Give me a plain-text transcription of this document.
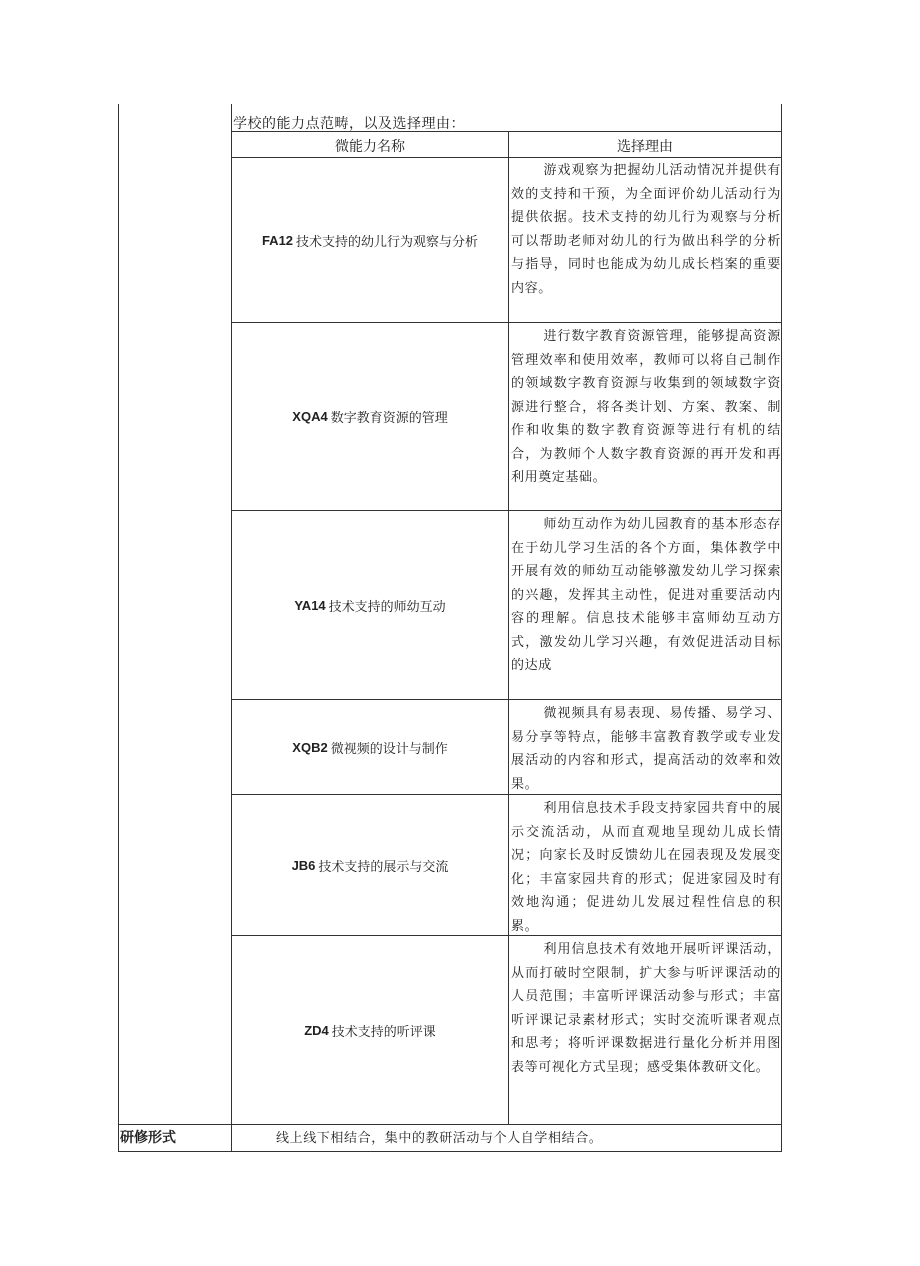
学校的能力点范畴，以及选择理由：
微能力名称	选择理由
FA12 技术支持的幼儿行为观察与分析

游戏观察为把握幼儿活动情况并提供有效的支持和干预，为全面评价幼儿活动行为提供依据。技术支持的幼儿行为观察与分析可以帮助老师对幼儿的行为做出科学的分析与指导，同时也能成为幼儿成长档案的重要内容。

XQA4 数字教育资源的管理

进行数字教育资源管理，能够提高资源管理效率和使用效率，教师可以将自己制作的领域数字教育资源与收集到的领域数字资源进行整合，将各类计划、方案、教案、制作和收集的数字教育资源等进行有机的结合，为教师个人数字教育资源的再开发和再利用奠定基础。

YA14 技术支持的师幼互动

师幼互动作为幼儿园教育的基本形态存在于幼儿学习生活的各个方面，集体教学中开展有效的师幼互动能够激发幼儿学习探索的兴趣，发挥其主动性，促进对重要活动内容的理解。信息技术能够丰富师幼互动方式，激发幼儿学习兴趣，有效促进活动目标的达成

XQB2 微视频的设计与制作

微视频具有易表现、易传播、易学习、易分享等特点，能够丰富教育教学或专业发展活动的内容和形式，提高活动的效率和效果。

JB6 技术支持的展示与交流

利用信息技术手段支持家园共育中的展示交流活动，从而直观地呈现幼儿成长情况；向家长及时反馈幼儿在园表现及发展变化；丰富家园共育的形式；促进家园及时有效地沟通；促进幼儿发展过程性信息的积累。

ZD4 技术支持的听评课

利用信息技术有效地开展听评课活动，从而打破时空限制，扩大参与听评课活动的人员范围；丰富听评课活动参与形式；丰富听评课记录素材形式；实时交流听课者观点和思考；将听评课数据进行量化分析并用图表等可视化方式呈现；感受集体教研文化。

研修形式	线上线下相结合，集中的教研活动与个人自学相结合。
